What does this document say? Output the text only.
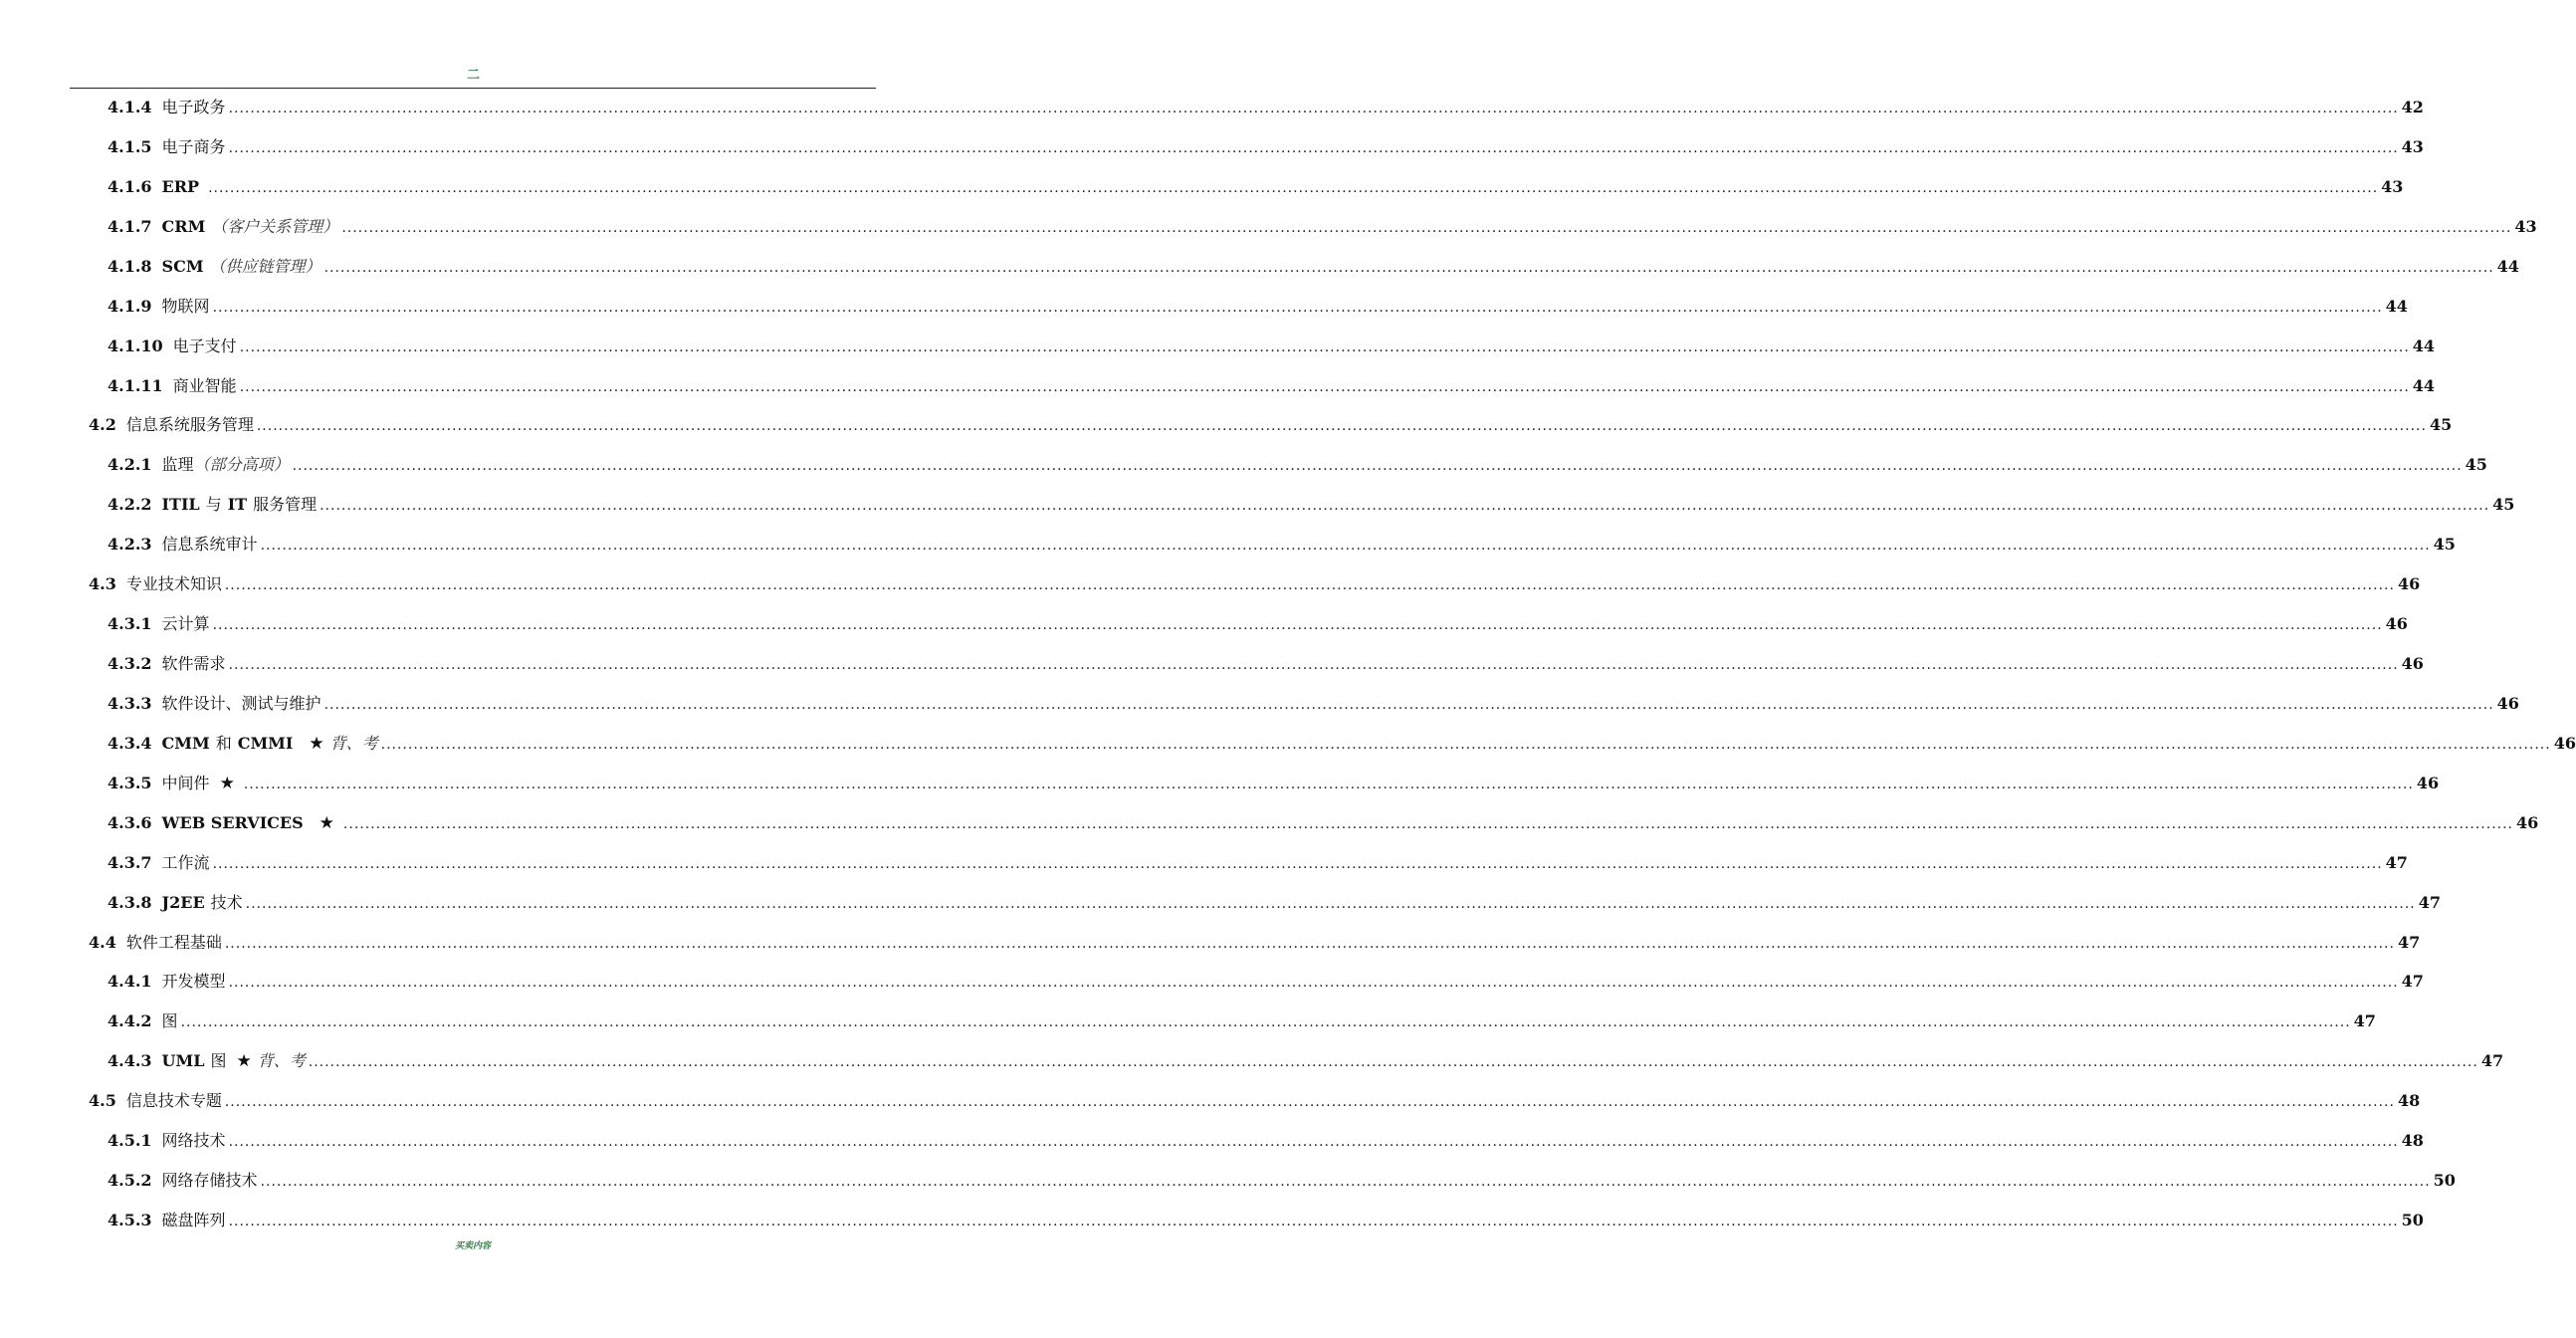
二
4.1.4 电子政务 ................................................................................................................................................................................................................................................................................................................................................................................................................ 42
4.1.5 电子商务 ................................................................................................................................................................................................................................................................................................................................................................................................................ 43
4.1.6 ERP ................................................................................................................................................................................................................................................................................................................................................................................................................ 43
4.1.7 CRM （客户关系管理） ................................................................................................................................................................................................................................................................................................................................................................................................................ 43
4.1.8 SCM （供应链管理） ................................................................................................................................................................................................................................................................................................................................................................................................................ 44
4.1.9 物联网 ................................................................................................................................................................................................................................................................................................................................................................................................................ 44
4.1.10 电子支付 ................................................................................................................................................................................................................................................................................................................................................................................................................ 44
4.1.11 商业智能 ................................................................................................................................................................................................................................................................................................................................................................................................................ 44
4.2 信息系统服务管理 ................................................................................................................................................................................................................................................................................................................................................................................................................ 45
4.2.1 监理 （部分高项） ................................................................................................................................................................................................................................................................................................................................................................................................................ 45
4.2.2 ITIL 与 IT 服务管理 ................................................................................................................................................................................................................................................................................................................................................................................................................ 45
4.2.3 信息系统审计 ................................................................................................................................................................................................................................................................................................................................................................................................................ 45
4.3 专业技术知识 ................................................................................................................................................................................................................................................................................................................................................................................................................ 46
4.3.1 云计算 ................................................................................................................................................................................................................................................................................................................................................................................................................ 46
4.3.2 软件需求 ................................................................................................................................................................................................................................................................................................................................................................................................................ 46
4.3.3 软件设计、测试与维护 ................................................................................................................................................................................................................................................................................................................................................................................................................ 46
4.3.4 CMM 和 CMMI ★ 背、考 ................................................................................................................................................................................................................................................................................................................................................................................................................ 46
4.3.5 中间件 ★ ................................................................................................................................................................................................................................................................................................................................................................................................................ 46
4.3.6 WEB SERVICES ★ ................................................................................................................................................................................................................................................................................................................................................................................................................ 46
4.3.7 工作流 ................................................................................................................................................................................................................................................................................................................................................................................................................ 47
4.3.8 J2EE 技术 ................................................................................................................................................................................................................................................................................................................................................................................................................ 47
4.4 软件工程基础 ................................................................................................................................................................................................................................................................................................................................................................................................................ 47
4.4.1 开发模型 ................................................................................................................................................................................................................................................................................................................................................................................................................ 47
4.4.2 图 ................................................................................................................................................................................................................................................................................................................................................................................................................ 47
4.4.3 UML 图 ★ 背、考 ................................................................................................................................................................................................................................................................................................................................................................................................................ 47
4.5 信息技术专题 ................................................................................................................................................................................................................................................................................................................................................................................................................ 48
4.5.1 网络技术 ................................................................................................................................................................................................................................................................................................................................................................................................................ 48
4.5.2 网络存储技术 ................................................................................................................................................................................................................................................................................................................................................................................................................ 50
4.5.3 磁盘阵列 ................................................................................................................................................................................................................................................................................................................................................................................................................ 50
买卖内容
